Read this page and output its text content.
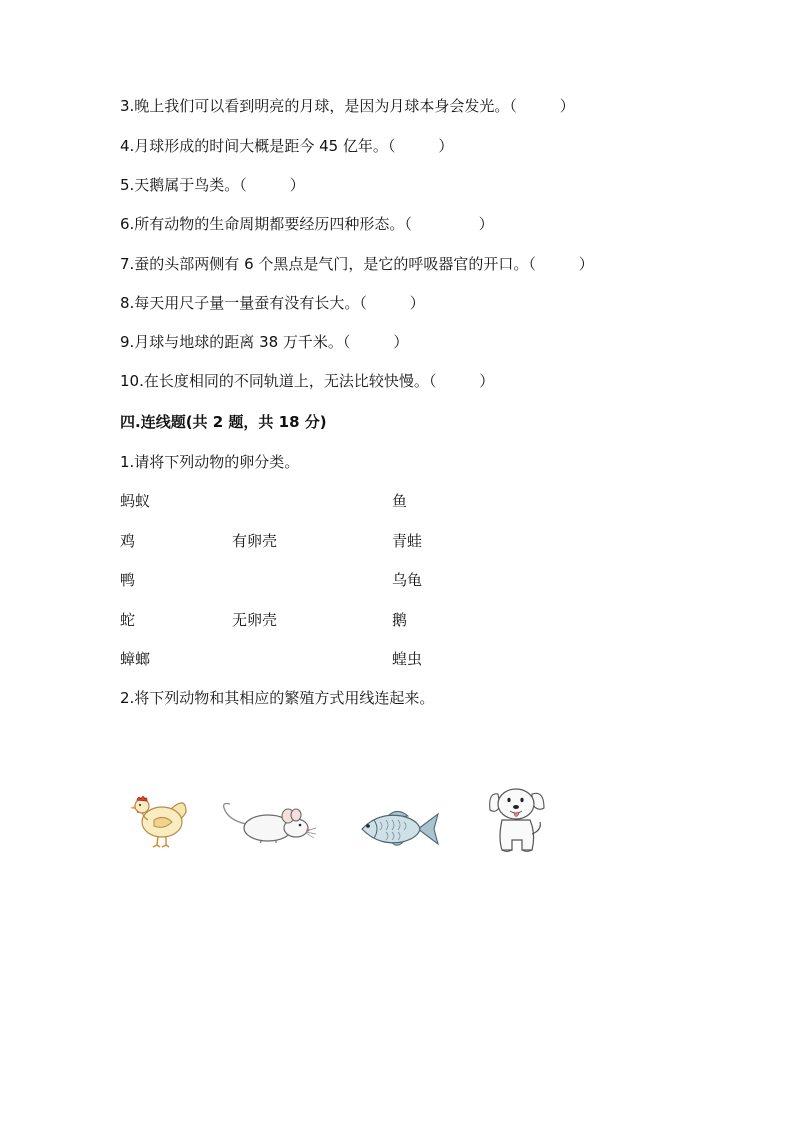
3.晚上我们可以看到明亮的月球，是因为月球本身会发光。（         ）
4.月球形成的时间大概是距今 45 亿年。（         ）
5.天鹅属于鸟类。（         ）
6.所有动物的生命周期都要经历四种形态。（              ）
7.蚕的头部两侧有 6 个黑点是气门，是它的呼吸器官的开口。（         ）
8.每天用尺子量一量蚕有没有长大。（         ）
9.月球与地球的距离 38 万千米。（         ）
10.在长度相同的不同轨道上，无法比较快慢。（         ）
四.连线题(共 2 题，共 18 分)
1.请将下列动物的卵分类。
蚂蚁
鸡
鸭
蛇
蟑螂
有卵壳
无卵壳
鱼
青蛙
乌龟
鹅
蝗虫
2.将下列动物和其相应的繁殖方式用线连起来。
